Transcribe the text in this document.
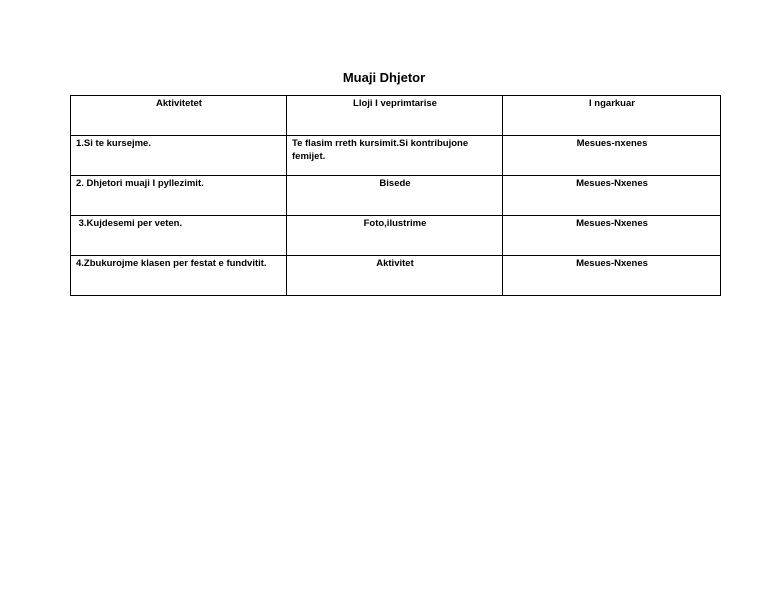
Muaji Dhjetor
Aktivitetet	Lloji I veprimtarise	I ngarkuar

1.Si te kursejme.	Te flasim rreth kursimit.Si kontribujone femijet.	Mesues-nxenes

2. Dhjetori muaji I pyllezimit.	Bisede	Mesues-Nxenes

3.Kujdesemi per veten.	Foto,ilustrime	Mesues-Nxenes

4.Zbukurojme klasen per festat e fundvitit.	Aktivitet	Mesues-Nxenes
